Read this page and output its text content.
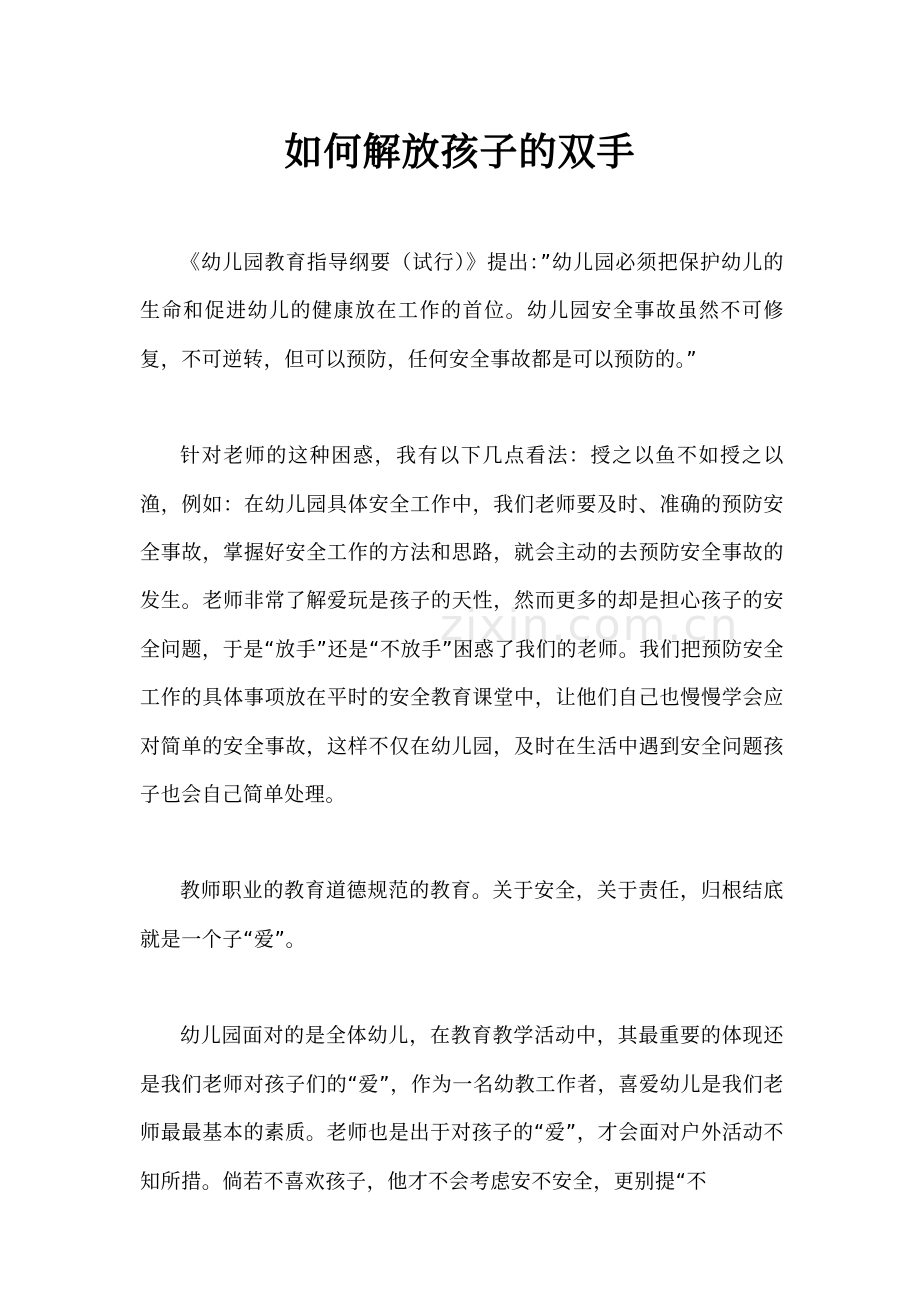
zixin.com.cn
如何解放孩子的双手

《幼儿园教育指导纲要（试行）》提出：”幼儿园必须把保护幼儿的生命和促进幼儿的健康放在工作的首位。幼儿园安全事故虽然不可修复，不可逆转，但可以预防，任何安全事故都是可以预防的。”

针对老师的这种困惑，我有以下几点看法：授之以鱼不如授之以渔，例如：在幼儿园具体安全工作中，我们老师要及时、准确的预防安全事故，掌握好安全工作的方法和思路，就会主动的去预防安全事故的发生。老师非常了解爱玩是孩子的天性，然而更多的却是担心孩子的安全问题，于是“放手”还是“不放手”困惑了我们的老师。我们把预防安全工作的具体事项放在平时的安全教育课堂中，让他们自己也慢慢学会应对简单的安全事故，这样不仅在幼儿园，及时在生活中遇到安全问题孩子也会自己简单处理。

教师职业的教育道德规范的教育。关于安全，关于责任，归根结底就是一个子“爱”。

幼儿园面对的是全体幼儿，在教育教学活动中，其最重要的体现还是我们老师对孩子们的“爱”，作为一名幼教工作者，喜爱幼儿是我们老师最最基本的素质。老师也是出于对孩子的“爱”，才会面对户外活动不知所措。倘若不喜欢孩子，他才不会考虑安不安全，更别提“不
